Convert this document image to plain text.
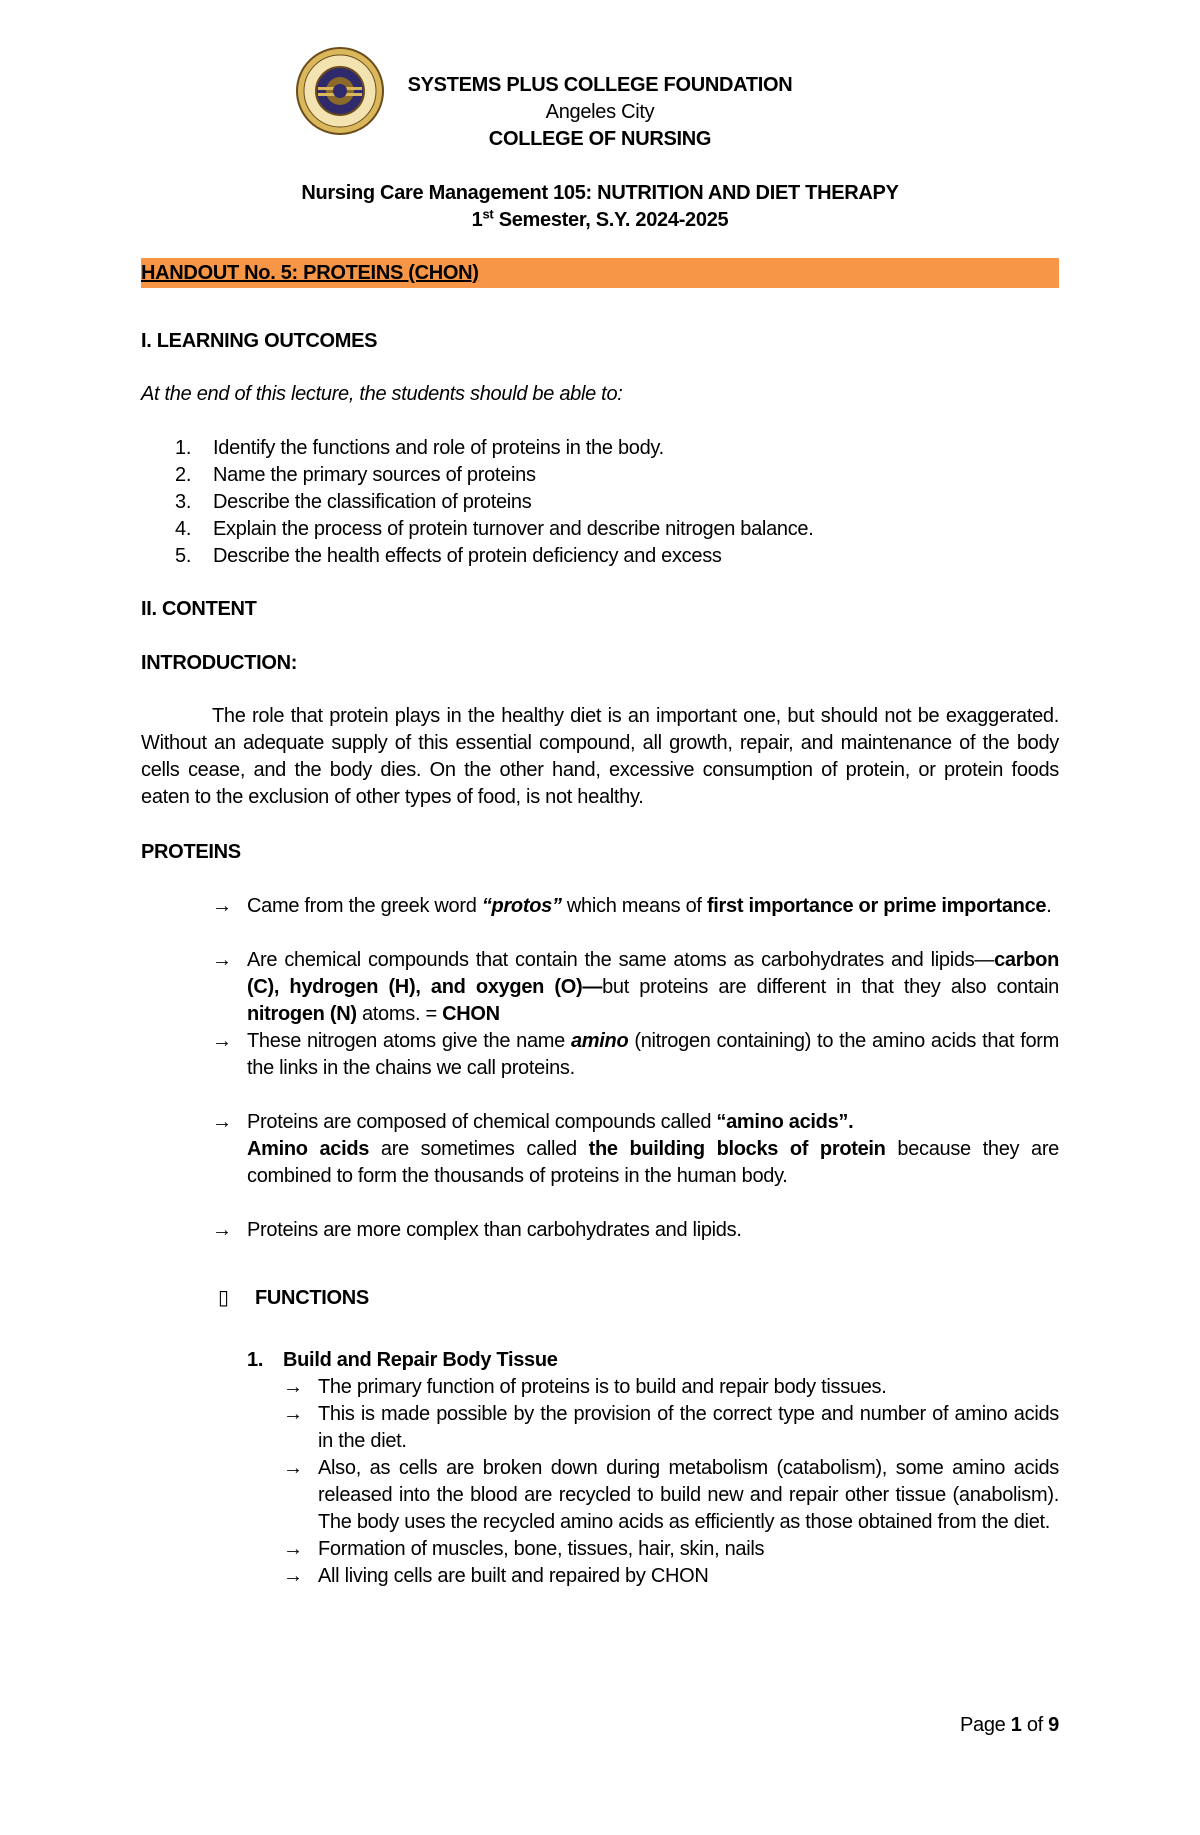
SYSTEMS PLUS COLLEGE FOUNDATION
Angeles City
COLLEGE OF NURSING
Nursing Care Management 105: NUTRITION AND DIET THERAPY
1st Semester, S.Y. 2024-2025
HANDOUT No. 5: PROTEINS (CHON)
I. LEARNING OUTCOMES
At the end of this lecture, the students should be able to:
1. Identify the functions and role of proteins in the body.
2. Name the primary sources of proteins
3. Describe the classification of proteins
4. Explain the process of protein turnover and describe nitrogen balance.
5. Describe the health effects of protein deficiency and excess
II. CONTENT
INTRODUCTION:
The role that protein plays in the healthy diet is an important one, but should not be exaggerated. Without an adequate supply of this essential compound, all growth, repair, and maintenance of the body cells cease, and the body dies. On the other hand, excessive consumption of protein, or protein foods eaten to the exclusion of other types of food, is not healthy.
PROTEINS
→ Came from the greek word “protos” which means of first importance or prime importance.
→ Are chemical compounds that contain the same atoms as carbohydrates and lipids—carbon (C), hydrogen (H), and oxygen (O)—but proteins are different in that they also contain nitrogen (N) atoms. = CHON
→ These nitrogen atoms give the name amino (nitrogen containing) to the amino acids that form the links in the chains we call proteins.
→ Proteins are composed of chemical compounds called “amino acids”.
Amino acids are sometimes called the building blocks of protein because they are combined to form the thousands of proteins in the human body.
→ Proteins are more complex than carbohydrates and lipids.
▯ FUNCTIONS
1. Build and Repair Body Tissue
→ The primary function of proteins is to build and repair body tissues.
→ This is made possible by the provision of the correct type and number of amino acids in the diet.
→ Also, as cells are broken down during metabolism (catabolism), some amino acids released into the blood are recycled to build new and repair other tissue (anabolism). The body uses the recycled amino acids as efficiently as those obtained from the diet.
→ Formation of muscles, bone, tissues, hair, skin, nails
→ All living cells are built and repaired by CHON
Page 1 of 9
